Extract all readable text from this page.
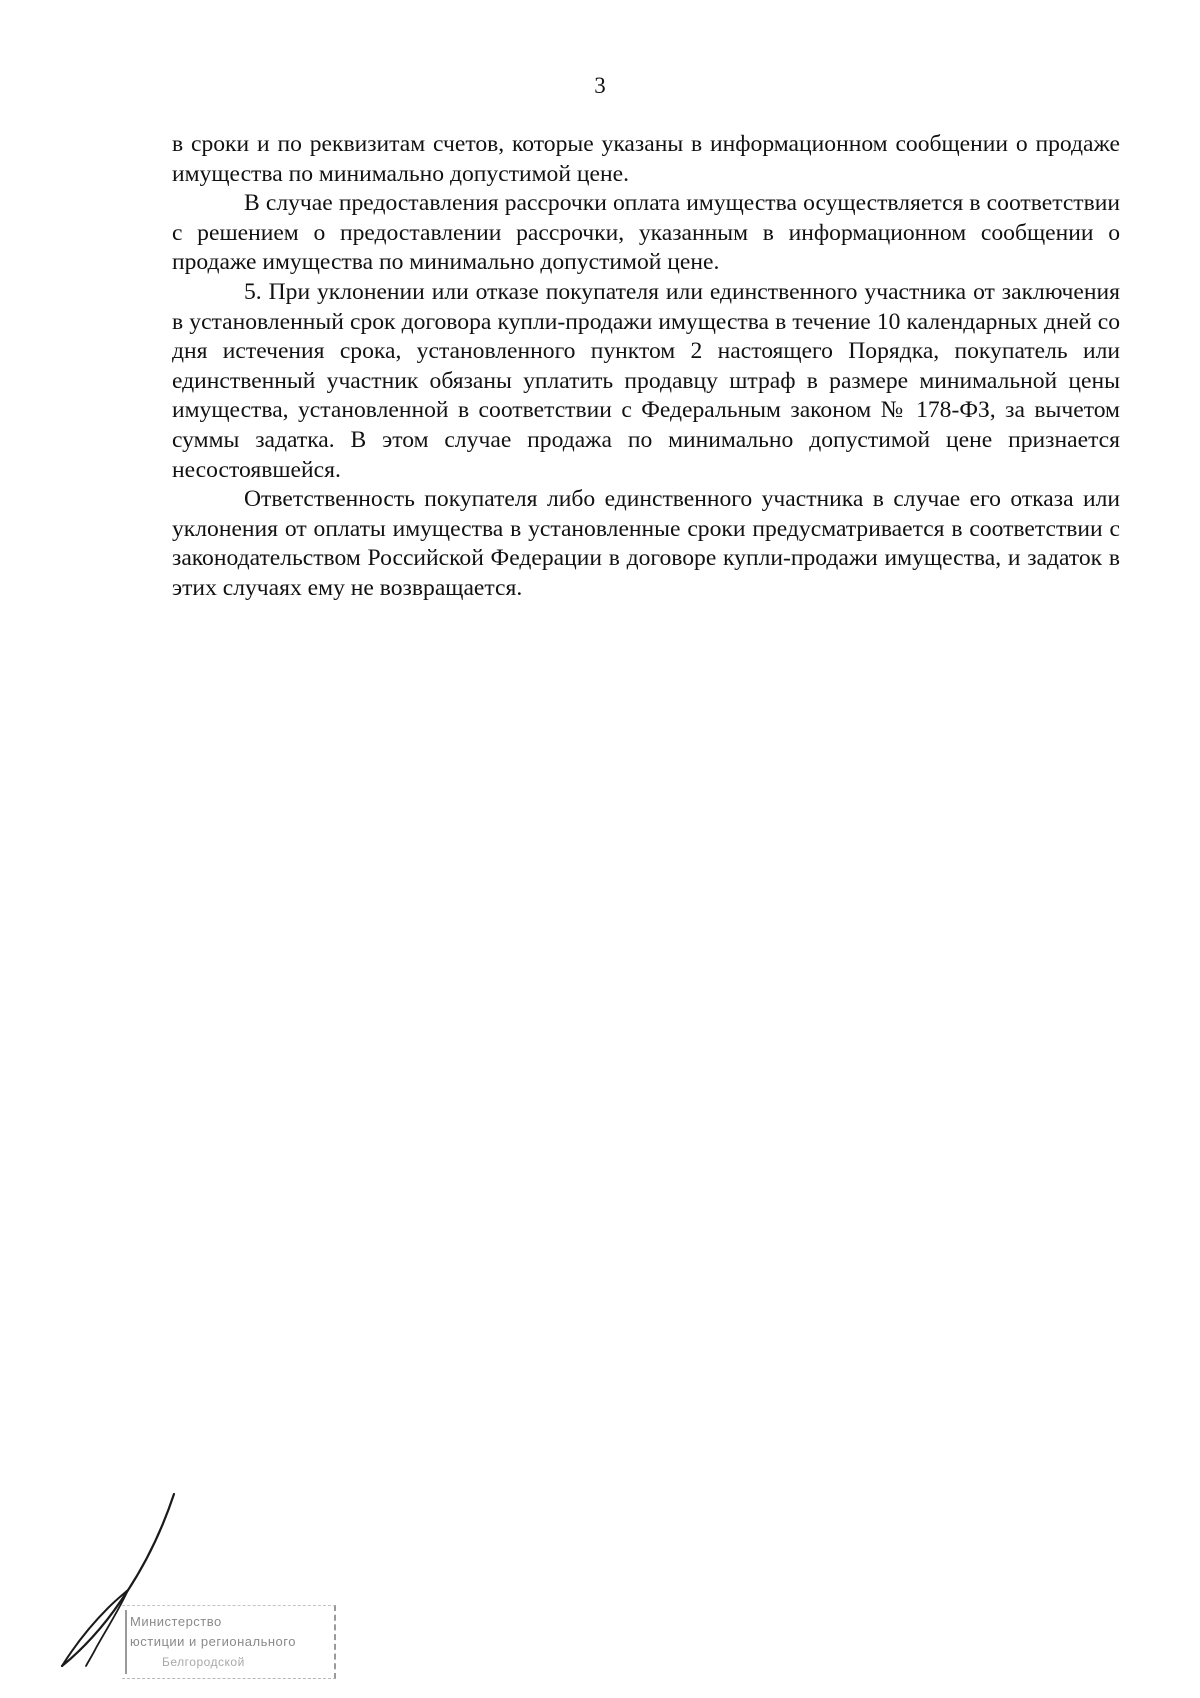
3

в сроки и по реквизитам счетов, которые указаны в информационном сообщении о продаже имущества по минимально допустимой цене.

В случае предоставления рассрочки оплата имущества осуществляется в соответствии с решением о предоставлении рассрочки, указанным в информационном сообщении о продаже имущества по минимально допустимой цене.

5. При уклонении или отказе покупателя или единственного участника от заключения в установленный срок договора купли-продажи имущества в течение 10 календарных дней со дня истечения срока, установленного пунктом 2 настоящего Порядка, покупатель или единственный участник обязаны уплатить продавцу штраф в размере минимальной цены имущества, установленной в соответствии с Федеральным законом № 178-ФЗ, за вычетом суммы задатка. В этом случае продажа по минимально допустимой цене признается несостоявшейся.

Ответственность покупателя либо единственного участника в случае его отказа или уклонения от оплаты имущества в установленные сроки предусматривается в соответствии с законодательством Российской Федерации в договоре купли-продажи имущества, и задаток в этих случаях ему не возвращается.

Министерство
юстиции и регионального
Белгородской
